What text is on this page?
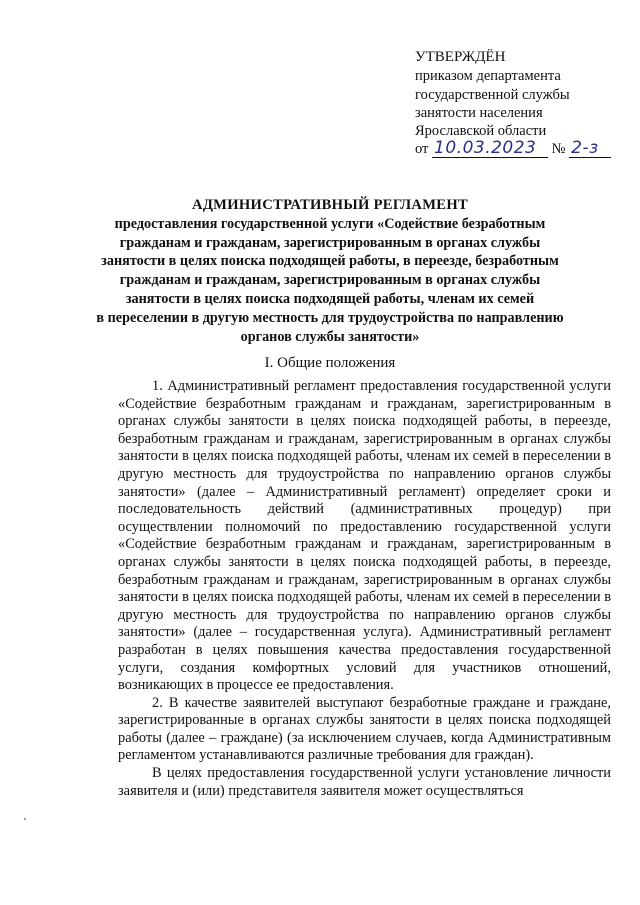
УТВЕРЖДЁН
приказом департамента
государственной службы
занятости населения
Ярославской области
от 10.03.2023 № 2-з
АДМИНИСТРАТИВНЫЙ РЕГЛАМЕНТ
предоставления государственной услуги «Содействие безработным
гражданам и гражданам, зарегистрированным в органах службы
занятости в целях поиска подходящей работы, в переезде, безработным
гражданам и гражданам, зарегистрированным в органах службы
занятости в целях поиска подходящей работы, членам их семей
в переселении в другую местность для трудоустройства по направлению
органов службы занятости»
I. Общие положения

1. Административный регламент предоставления государственной услуги «Содействие безработным гражданам и гражданам, зарегистрированным в органах службы занятости в целях поиска подходящей работы, в переезде, безработным гражданам и гражданам, зарегистрированным в органах службы занятости в целях поиска подходящей работы, членам их семей в переселении в другую местность для трудоустройства по направлению органов службы занятости» (далее – Административный регламент) определяет сроки и последовательность действий (административных процедур) при осуществлении полномочий по предоставлению государственной услуги «Содействие безработным гражданам и гражданам, зарегистрированным в органах службы занятости в целях поиска подходящей работы, в переезде, безработным гражданам и гражданам, зарегистрированным в органах службы занятости в целях поиска подходящей работы, членам их семей в переселении в другую местность для трудоустройства по направлению органов службы занятости» (далее – государственная услуга). Административный регламент разработан в целях повышения качества предоставления государственной услуги, создания комфортных условий для участников отношений, возникающих в процессе ее предоставления.

2. В качестве заявителей выступают безработные граждане и граждане, зарегистрированные в органах службы занятости в целях поиска подходящей работы (далее – граждане) (за исключением случаев, когда Административным регламентом устанавливаются различные требования для граждан).

В целях предоставления государственной услуги установление личности заявителя и (или) представителя заявителя может осуществляться
